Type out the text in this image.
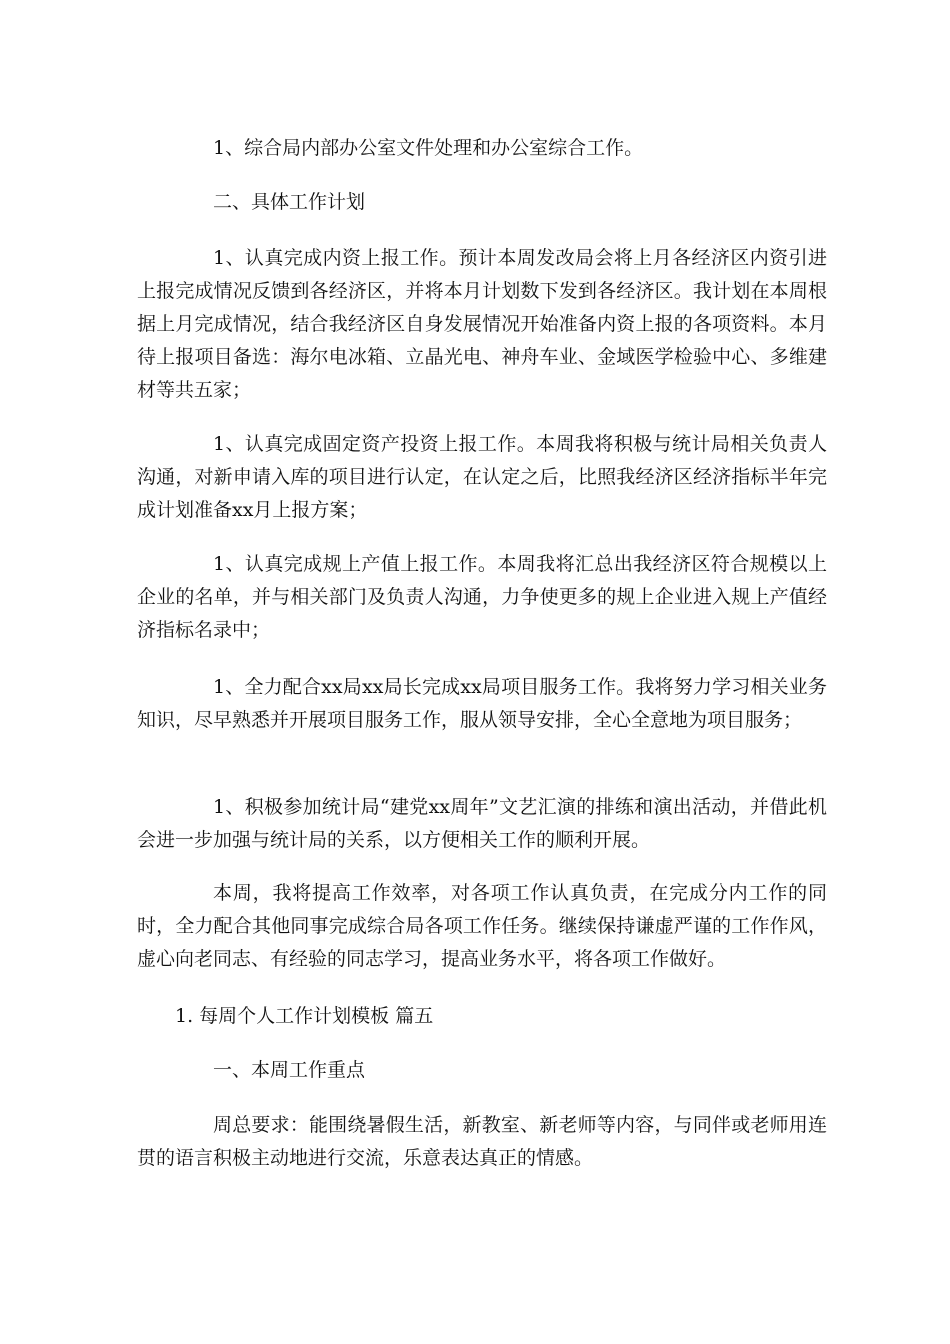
1、综合局内部办公室文件处理和办公室综合工作。

二、具体工作计划

1、认真完成内资上报工作。预计本周发改局会将上月各经济区内资引进上报完成情况反馈到各经济区，并将本月计划数下发到各经济区。我计划在本周根据上月完成情况，结合我经济区自身发展情况开始准备内资上报的各项资料。本月待上报项目备选：海尔电冰箱、立晶光电、神舟车业、金域医学检验中心、多维建材等共五家；

1、认真完成固定资产投资上报工作。本周我将积极与统计局相关负责人沟通，对新申请入库的项目进行认定，在认定之后，比照我经济区经济指标半年完成计划准备xx月上报方案；

1、认真完成规上产值上报工作。本周我将汇总出我经济区符合规模以上企业的名单，并与相关部门及负责人沟通，力争使更多的规上企业进入规上产值经济指标名录中；

1、全力配合xx局xx局长完成xx局项目服务工作。我将努力学习相关业务知识，尽早熟悉并开展项目服务工作，服从领导安排，全心全意地为项目服务；

1、积极参加统计局“建党xx周年”文艺汇演的排练和演出活动，并借此机会进一步加强与统计局的关系，以方便相关工作的顺利开展。

本周，我将提高工作效率，对各项工作认真负责，在完成分内工作的同时，全力配合其他同事完成综合局各项工作任务。继续保持谦虚严谨的工作作风，虚心向老同志、有经验的同志学习，提高业务水平，将各项工作做好。

1. 每周个人工作计划模板 篇五

一、本周工作重点

周总要求：能围绕暑假生活，新教室、新老师等内容，与同伴或老师用连贯的语言积极主动地进行交流，乐意表达真正的情感。
